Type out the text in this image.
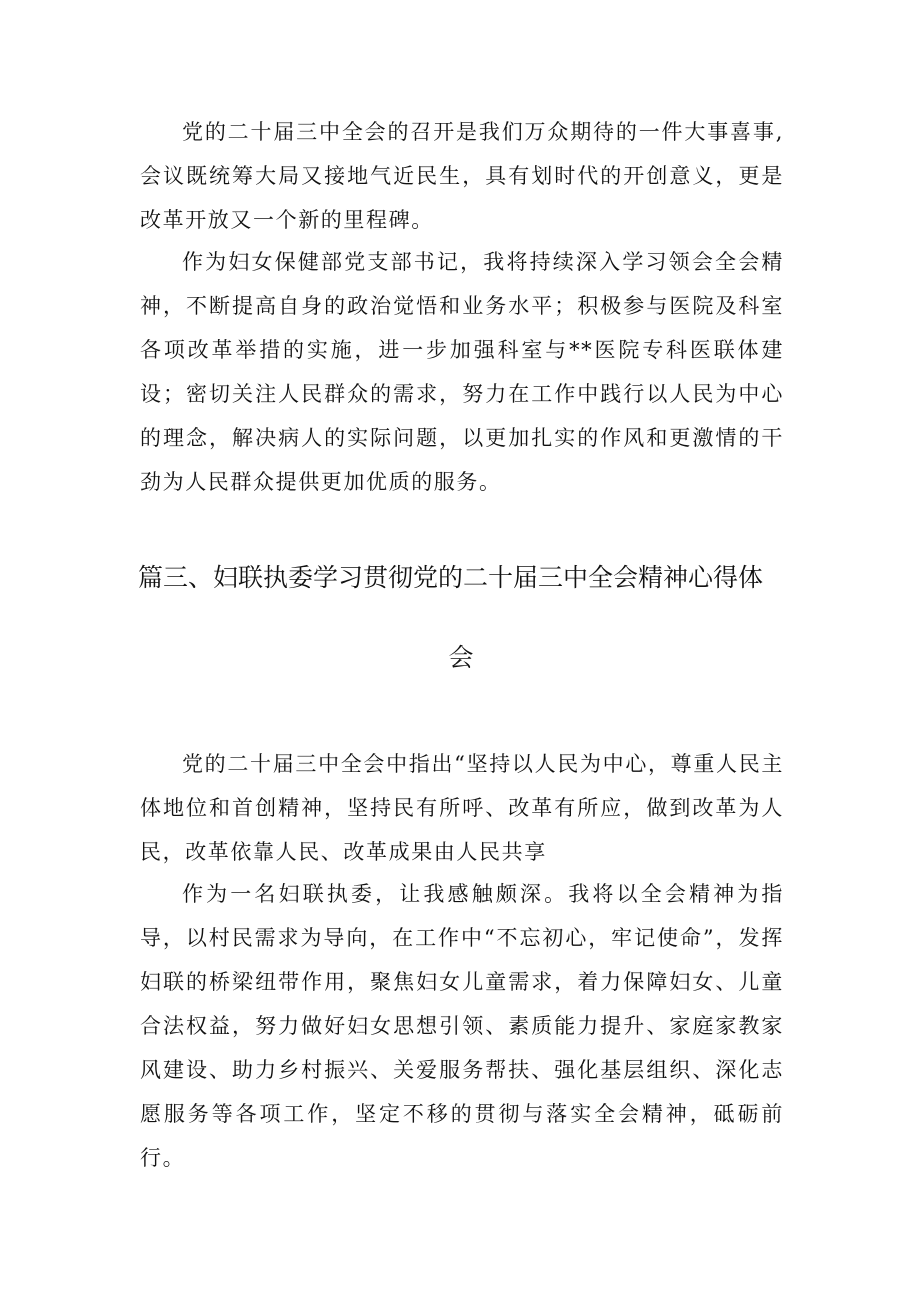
党的二十届三中全会的召开是我们万众期待的一件大事喜事,会议既统筹大局又接地气近民生，具有划时代的开创意义，更是改革开放又一个新的里程碑。

作为妇女保健部党支部书记，我将持续深入学习领会全会精神，不断提高自身的政治觉悟和业务水平；积极参与医院及科室各项改革举措的实施，进一步加强科室与**医院专科医联体建设；密切关注人民群众的需求，努力在工作中践行以人民为中心的理念，解决病人的实际问题，以更加扎实的作风和更激情的干劲为人民群众提供更加优质的服务。

篇三、妇联执委学习贯彻党的二十届三中全会精神心得体
会

党的二十届三中全会中指出“坚持以人民为中心，尊重人民主体地位和首创精神，坚持民有所呼、改革有所应，做到改革为人民，改革依靠人民、改革成果由人民共享

作为一名妇联执委，让我感触颇深。我将以全会精神为指导，以村民需求为导向，在工作中“不忘初心，牢记使命”，发挥妇联的桥梁纽带作用，聚焦妇女儿童需求，着力保障妇女、儿童合法权益，努力做好妇女思想引领、素质能力提升、家庭家教家风建设、助力乡村振兴、关爱服务帮扶、强化基层组织、深化志愿服务等各项工作，坚定不移的贯彻与落实全会精神，砥砺前行。
